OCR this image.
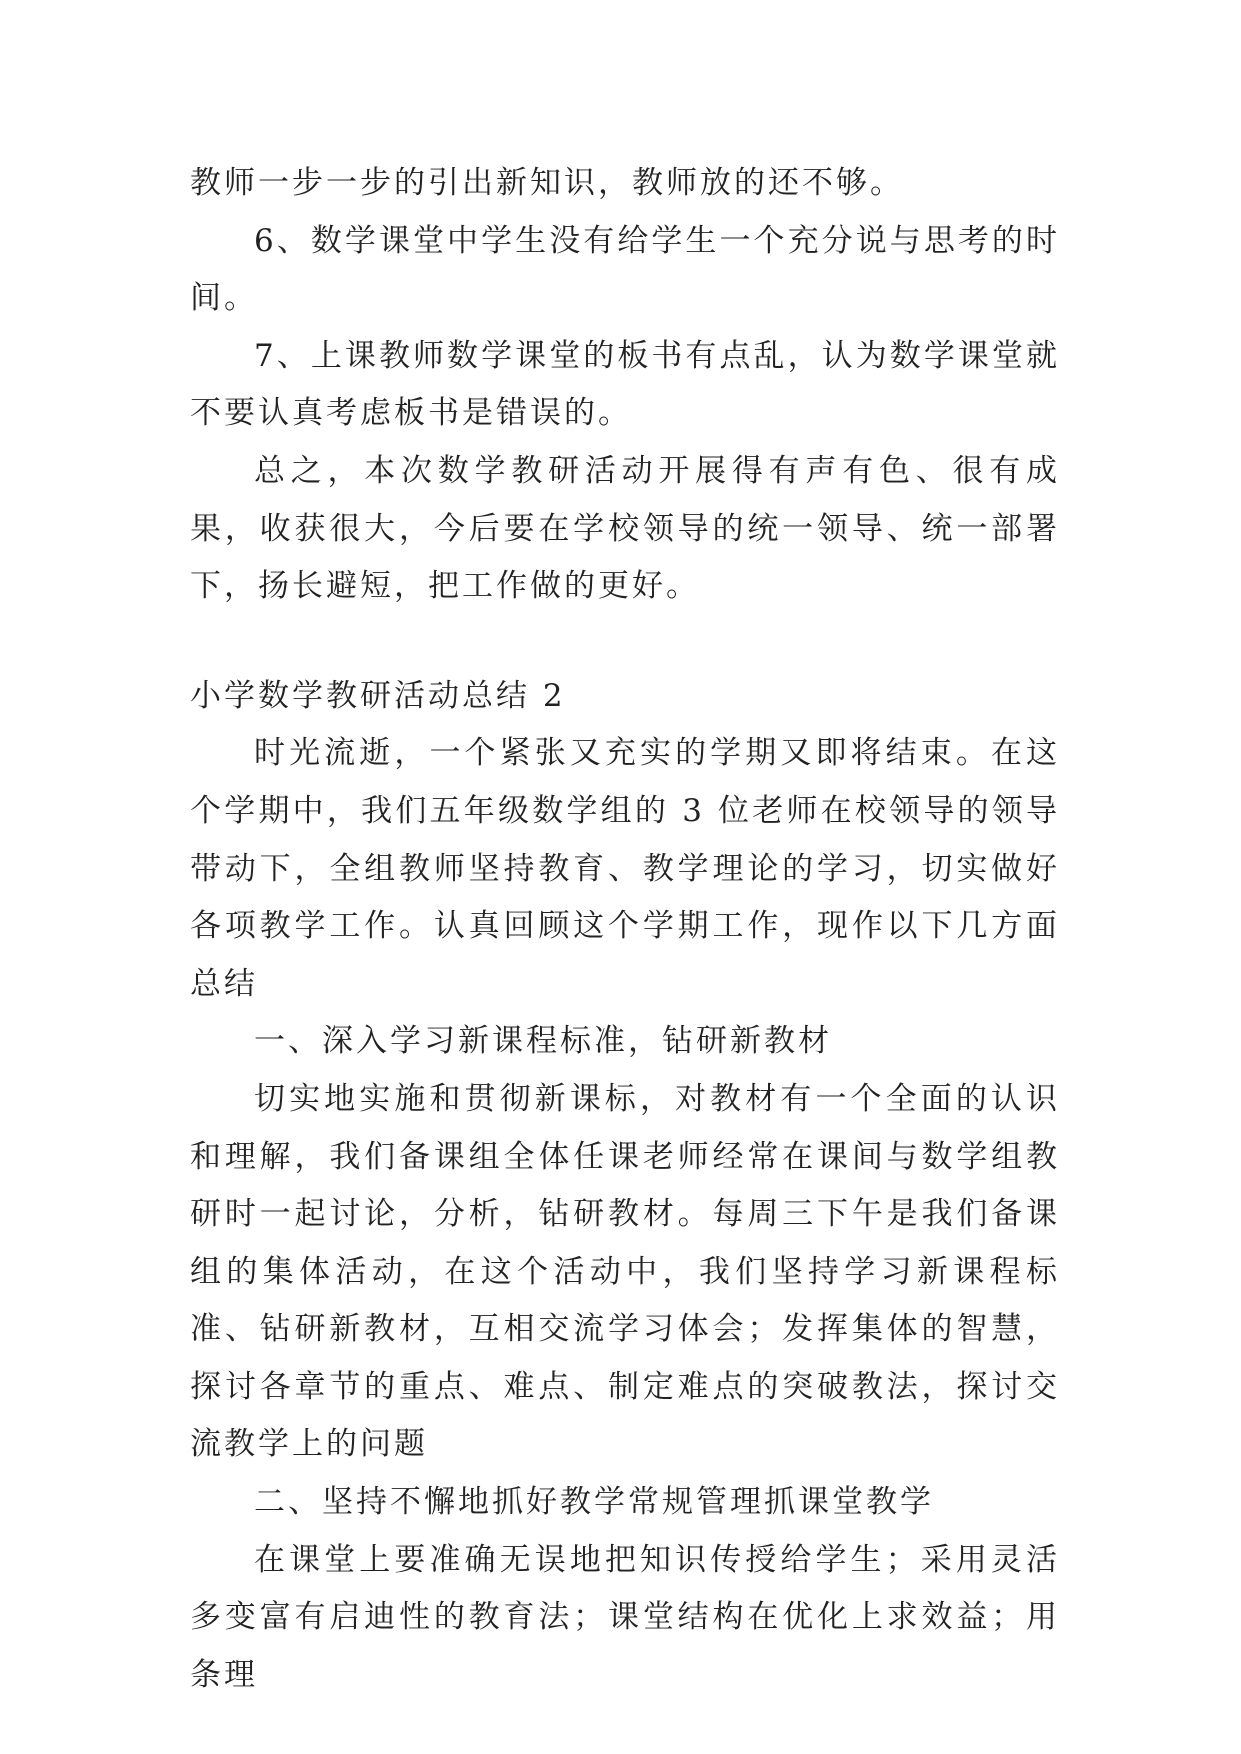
教师一步一步的引出新知识，教师放的还不够。

6、数学课堂中学生没有给学生一个充分说与思考的时间。

7、上课教师数学课堂的板书有点乱，认为数学课堂就不要认真考虑板书是错误的。

总之，本次数学教研活动开展得有声有色、很有成果，收获很大，今后要在学校领导的统一领导、统一部署下，扬长避短，把工作做的更好。

小学数学教研活动总结 2

时光流逝，一个紧张又充实的学期又即将结束。在这个学期中，我们五年级数学组的 3 位老师在校领导的领导带动下，全组教师坚持教育、教学理论的学习，切实做好各项教学工作。认真回顾这个学期工作，现作以下几方面总结

一、深入学习新课程标准，钻研新教材

切实地实施和贯彻新课标，对教材有一个全面的认识和理解，我们备课组全体任课老师经常在课间与数学组教研时一起讨论，分析，钻研教材。每周三下午是我们备课组的集体活动，在这个活动中，我们坚持学习新课程标准、钻研新教材，互相交流学习体会；发挥集体的智慧，探讨各章节的重点、难点、制定难点的突破教法，探讨交流教学上的问题

二、坚持不懈地抓好教学常规管理抓课堂教学

在课堂上要准确无误地把知识传授给学生；采用灵活多变富有启迪性的教育法；课堂结构在优化上求效益；用条理
